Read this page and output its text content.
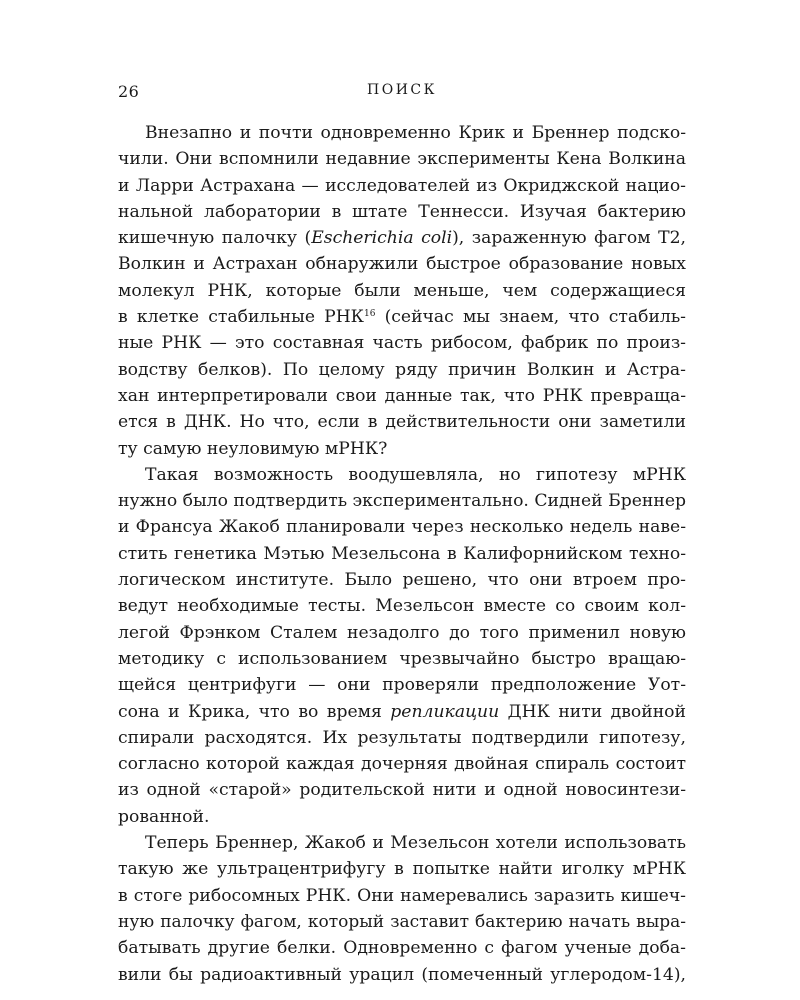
26	ПОИСК
Внезапно и почти одновременно Крик и Бреннер подско-
чили. Они вспомнили недавние эксперименты Кена Волкина
и Ларри Астрахана — исследователей из Окриджской нацио-
нальной лаборатории в штате Теннесси. Изучая бактерию
кишечную палочку (Escherichia coli), зараженную фагом Т2,
Волкин и Астрахан обнаружили быстрое образование новых
молекул РНК, которые были меньше, чем содержащиеся
в клетке стабильные РНК$^{16}$ (сейчас мы знаем, что стабиль-
ные РНК — это составная часть рибосом, фабрик по произ-
водству белков). По целому ряду причин Волкин и Астра-
хан интерпретировали свои данные так, что РНК превраща-
ется в ДНК. Но что, если в действительности они заметили
ту самую неуловимую мРНК?
Такая возможность воодушевляла, но гипотезу мРНК
нужно было подтвердить экспериментально. Сидней Бреннер
и Франсуа Жакоб планировали через несколько недель наве-
стить генетика Мэтью Мезельсона в Калифорнийском техно-
логическом институте. Было решено, что они втроем про-
ведут необходимые тесты. Мезельсон вместе со своим кол-
легой Фрэнком Сталем незадолго до того применил новую
методику с использованием чрезвычайно быстро вращаю-
щейся центрифуги — они проверяли предположение Уот-
сона и Крика, что во время репликации ДНК нити двойной
спирали расходятся. Их результаты подтвердили гипотезу,
согласно которой каждая дочерняя двойная спираль состоит
из одной «старой» родительской нити и одной новосинтези-
рованной.
Теперь Бреннер, Жакоб и Мезельсон хотели использовать
такую же ультрацентрифугу в попытке найти иголку мРНК
в стоге рибосомных РНК. Они намеревались заразить кишеч-
ную палочку фагом, который заставит бактерию начать выра-
батывать другие белки. Одновременно с фагом ученые доба-
вили бы радиоактивный урацил (помеченный углеродом-14),
